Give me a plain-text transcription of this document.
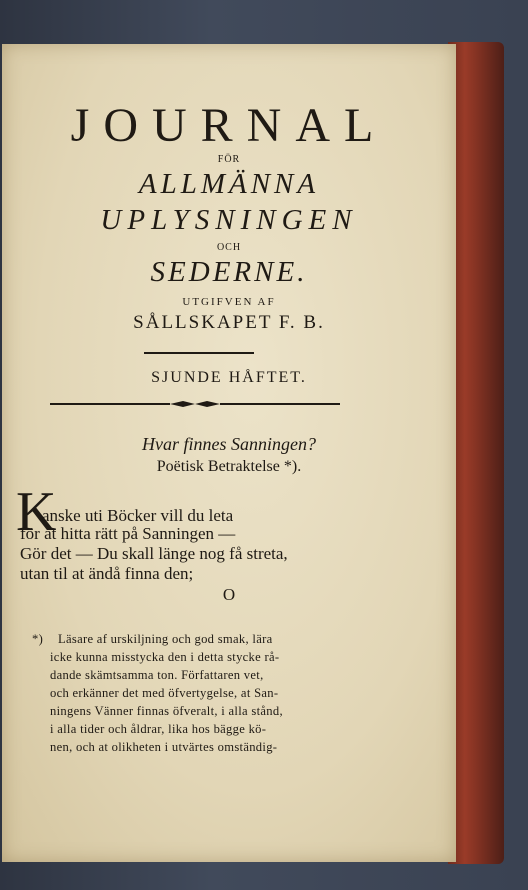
JOURNAL
FÖR
ALLMÄNNA
UPLYSNINGEN
OCH
SEDERNE.
UTGIFVEN AF
SÅLLSKAPET F. B.
SJUNDE HÅFTET.
Hvar finnes Sanningen?
Poëtisk Betraktelse *).
K
anske uti Böcker vill du leta
för at hitta rätt på Sanningen —
Gör det — Du skall länge nog få streta,
utan til at ändå finna den;
O
*) Läsare af urskiljning och god smak, lära
icke kunna misstycka den i detta stycke rå-
dande skämtsamma ton. Författaren vet,
och erkänner det med öfvertygelse, at San-
ningens Vänner finnas öfveralt, i alla stånd,
i alla tider och åldrar, lika hos bägge kö-
nen, och at olikheten i utvärtes omständig-
